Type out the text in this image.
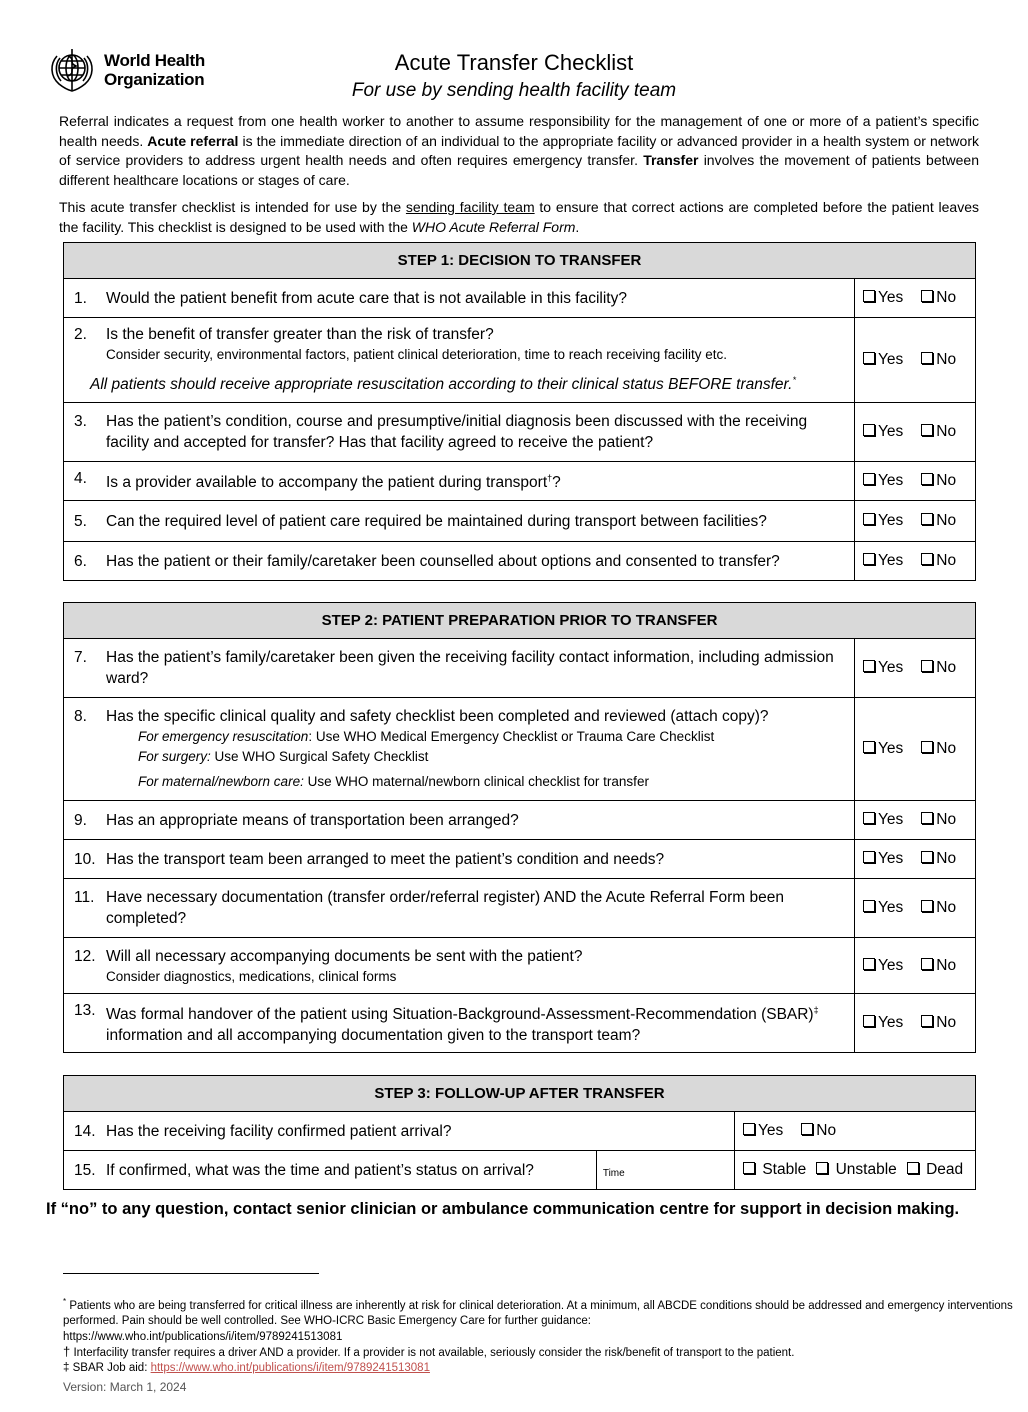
World Health
Organization
Acute Transfer Checklist
For use by sending health facility team
Referral indicates a request from one health worker to another to assume responsibility for the management of one or more of a patient’s specific health needs. Acute referral is the immediate direction of an individual to the appropriate facility or advanced provider in a health system or network of service providers to address urgent health needs and often requires emergency transfer. Transfer involves the movement of patients between different healthcare locations or stages of care.
This acute transfer checklist is intended for use by the sending facility team to ensure that correct actions are completed before the patient leaves the facility. This checklist is designed to be used with the WHO Acute Referral Form.
STEP 1: DECISION TO TRANSFER	

1. Would the patient benefit from acute care that is not available in this facility?	Yes No

2. Is the benefit of transfer greater than the risk of transfer?
Consider security, environmental factors, patient clinical deterioration, time to reach receiving facility etc.
All patients should receive appropriate resuscitation according to their clinical status BEFORE transfer.*	Yes No

3. Has the patient’s condition, course and presumptive/initial diagnosis been discussed with the receiving facility and accepted for transfer? Has that facility agreed to receive the patient?	Yes No

4. Is a provider available to accompany the patient during transport†?	Yes No

5. Can the required level of patient care required be maintained during transport between facilities?	Yes No

6. Has the patient or their family/caretaker been counselled about options and consented to transfer?	Yes No
STEP 2: PATIENT PREPARATION PRIOR TO TRANSFER	

7. Has the patient’s family/caretaker been given the receiving facility contact information, including admission ward?	Yes No

8. Has the specific clinical quality and safety checklist been completed and reviewed (attach copy)?
For emergency resuscitation: Use WHO Medical Emergency Checklist or Trauma Care Checklist
For surgery: Use WHO Surgical Safety Checklist
For maternal/newborn care: Use WHO maternal/newborn clinical checklist for transfer	Yes No

9. Has an appropriate means of transportation been arranged?	Yes No

10. Has the transport team been arranged to meet the patient’s condition and needs?	Yes No

11. Have necessary documentation (transfer order/referral register) AND the Acute Referral Form been completed?	Yes No

12. Will all necessary accompanying documents be sent with the patient?
Consider diagnostics, medications, clinical forms	Yes No

13. Was formal handover of the patient using Situation-Background-Assessment-Recommendation (SBAR)‡ information and all accompanying documentation given to the transport team?	Yes No
STEP 3: FOLLOW-UP AFTER TRANSFER		

14. Has the receiving facility confirmed patient arrival?		Yes No

15. If confirmed, what was the time and patient’s status on arrival?	Time	Stable Unstable Dead
If “no” to any question, contact senior clinician or ambulance communication centre for support in decision making.
* Patients who are being transferred for critical illness are inherently at risk for clinical deterioration. At a minimum, all ABCDE conditions should be addressed and emergency interventions performed. Pain should be well controlled. See WHO-ICRC Basic Emergency Care for further guidance:
https://www.who.int/publications/i/item/9789241513081
† Interfacility transfer requires a driver AND a provider. If a provider is not available, seriously consider the risk/benefit of transport to the patient.
‡ SBAR Job aid: https://www.who.int/publications/i/item/9789241513081
Version: March 1, 2024
